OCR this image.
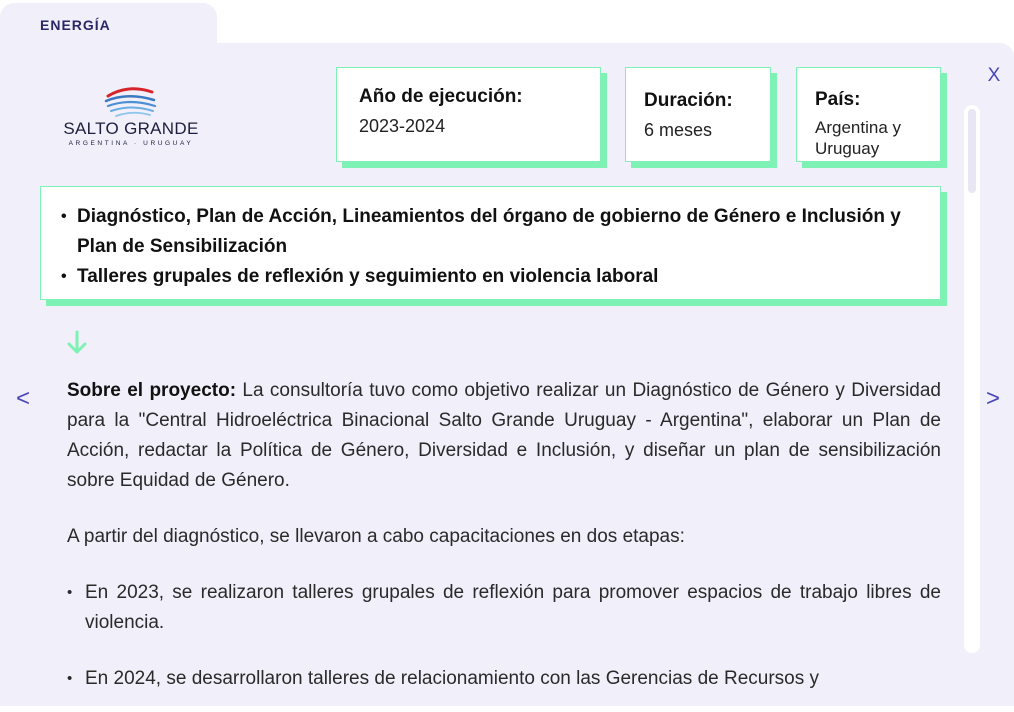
ENERGÍA
X
<	>
SALTO GRANDE
ARGENTINA · URUGUAY
Año de ejecución:
2023-2024
Duración:
6 meses
País:
Argentina y Uruguay
• Diagnóstico, Plan de Acción, Lineamientos del órgano de gobierno de Género e Inclusión y Plan de Sensibilización
• Talleres grupales de reflexión y seguimiento en violencia laboral

Sobre el proyecto: La consultoría tuvo como objetivo realizar un Diagnóstico de Género y Diversidad para la "Central Hidroeléctrica Binacional Salto Grande Uruguay - Argentina", elaborar un Plan de Acción, redactar la Política de Género, Diversidad e Inclusión, y diseñar un plan de sensibilización sobre Equidad de Género.

A partir del diagnóstico, se llevaron a cabo capacitaciones en dos etapas:

• En 2023, se realizaron talleres grupales de reflexión para promover espacios de trabajo libres de violencia.
• En 2024, se desarrollaron talleres de relacionamiento con las Gerencias de Recursos y
